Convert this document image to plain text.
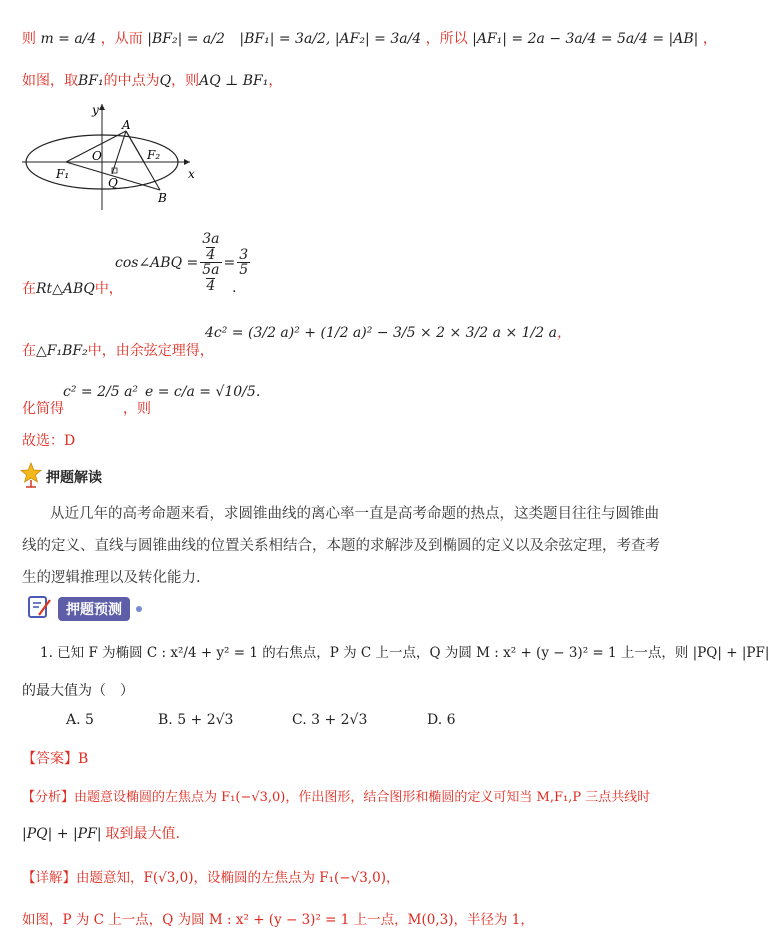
则 m = a/4 ，从而 |BF₂| = a/2 |BF₁| = 3a/2, |AF₂| = 3a/4 ，所以 |AF₁| = 2a − 3a/4 = 5a/4 = |AB| ，
如图，取BF₁的中点为Q，则AQ ⊥ BF₁，
y
x
A
O	F₂
F₁
Q
B
cos∠ABQ = $\frac{\frac{3a}{4}}{\frac{5a}{4}} = \frac{3}{5}$
在Rt△ABQ中，	.
在△F₁BF₂中，由余弦定理得，
4c² = (3/2 a)² + (1/2 a)² − 3/5 × 2 × 3/2 a × 1/2 a，
化简得
c² = 2/5 a²
，则
e = c/a = √10/5.
故选：D
押题解读
从近几年的高考命题来看，求圆锥曲线的离心率一直是高考命题的热点，这类题目往往与圆锥曲
线的定义、直线与圆锥曲线的位置关系相结合，本题的求解涉及到椭圆的定义以及余弦定理，考查考
生的逻辑推理以及转化能力.
押题预测
1. 已知 F 为椭圆 C : x²/4 + y² = 1 的右焦点，P 为 C 上一点，Q 为圆 M : x² + (y − 3)² = 1 上一点，则 |PQ| + |PF|
的最大值为（　）
A. 5	B. 5 + 2√3	C. 3 + 2√3	D. 6
【答案】B
【分析】由题意设椭圆的左焦点为 F₁(−√3,0)，作出图形，结合图形和椭圆的定义可知当 M,F₁,P 三点共线时
|PQ| + |PF| 取到最大值.
【详解】由题意知，F(√3,0)，设椭圆的左焦点为 F₁(−√3,0)，
如图，P 为 C 上一点，Q 为圆 M : x² + (y − 3)² = 1 上一点，M(0,3)，半径为 1，
